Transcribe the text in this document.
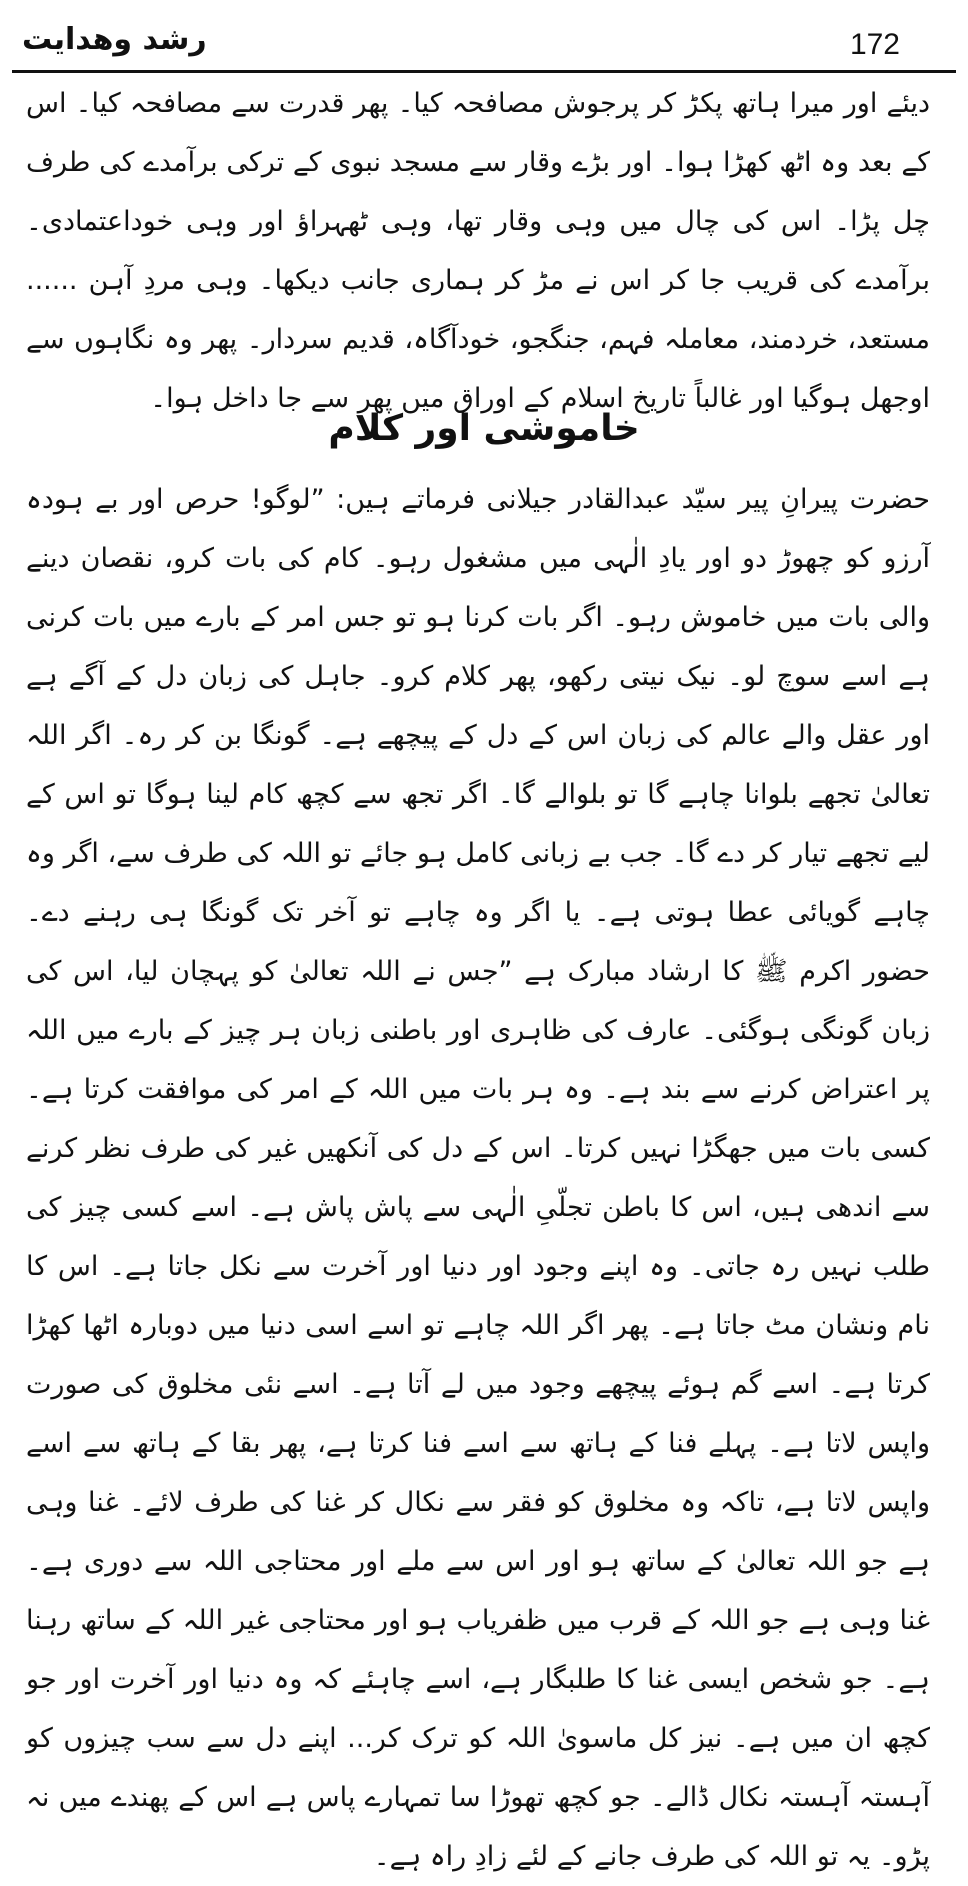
رشد وھدایت	172

دیئے اور میرا ہاتھ پکڑ کر پرجوش مصافحہ کیا۔ پھر قدرت سے مصافحہ کیا۔ اس کے بعد وہ اٹھ کھڑا ہوا۔ اور بڑے وقار سے مسجد نبوی کے ترکی برآمدے کی طرف چل پڑا۔ اس کی چال میں وہی وقار تھا، وہی ٹھہراؤ اور وہی خوداعتمادی۔ برآمدے کی قریب جا کر اس نے مڑ کر ہماری جانب دیکھا۔ وہی مردِ آہن ...... مستعد، خردمند، معاملہ فہم، جنگجو، خودآگاہ، قدیم سردار۔ پھر وہ نگاہوں سے اوجھل ہوگیا اور غالباً تاریخ اسلام کے اوراق میں پھر سے جا داخل ہوا۔

خاموشی اور کلام

حضرت پیرانِ پیر سیّد عبدالقادر جیلانی فرماتے ہیں: ”لوگو! حرص اور بے ہودہ آرزو کو چھوڑ دو اور یادِ الٰہی میں مشغول رہو۔ کام کی بات کرو، نقصان دینے والی بات میں خاموش رہو۔ اگر بات کرنا ہو تو جس امر کے بارے میں بات کرنی ہے اسے سوچ لو۔ نیک نیتی رکھو، پھر کلام کرو۔ جاہل کی زبان دل کے آگے ہے اور عقل والے عالم کی زبان اس کے دل کے پیچھے ہے۔ گونگا بن کر رہ۔ اگر اللہ تعالیٰ تجھے بلوانا چاہے گا تو بلوالے گا۔ اگر تجھ سے کچھ کام لینا ہوگا تو اس کے لیے تجھے تیار کر دے گا۔ جب بے زبانی کامل ہو جائے تو اللہ کی طرف سے، اگر وہ چاہے گویائی عطا ہوتی ہے۔ یا اگر وہ چاہے تو آخر تک گونگا ہی رہنے دے۔ حضور اکرم ﷺ کا ارشاد مبارک ہے ”جس نے اللہ تعالیٰ کو پہچان لیا، اس کی زبان گونگی ہوگئی۔ عارف کی ظاہری اور باطنی زبان ہر چیز کے بارے میں اللہ پر اعتراض کرنے سے بند ہے۔ وہ ہر بات میں اللہ کے امر کی موافقت کرتا ہے۔ کسی بات میں جھگڑا نہیں کرتا۔ اس کے دل کی آنکھیں غیر کی طرف نظر کرنے سے اندھی ہیں، اس کا باطن تجلّیِ الٰہی سے پاش پاش ہے۔ اسے کسی چیز کی طلب نہیں رہ جاتی۔ وہ اپنے وجود اور دنیا اور آخرت سے نکل جاتا ہے۔ اس کا نام ونشان مٹ جاتا ہے۔ پھر اگر اللہ چاہے تو اسے اسی دنیا میں دوبارہ اٹھا کھڑا کرتا ہے۔ اسے گم ہوئے پیچھے وجود میں لے آتا ہے۔ اسے نئی مخلوق کی صورت واپس لاتا ہے۔ پہلے فنا کے ہاتھ سے اسے فنا کرتا ہے، پھر بقا کے ہاتھ سے اسے واپس لاتا ہے، تاکہ وہ مخلوق کو فقر سے نکال کر غنا کی طرف لائے۔ غنا وہی ہے جو اللہ تعالیٰ کے ساتھ ہو اور اس سے ملے اور محتاجی اللہ سے دوری ہے۔ غنا وہی ہے جو اللہ کے قرب میں ظفریاب ہو اور محتاجی غیر اللہ کے ساتھ رہنا ہے۔ جو شخص ایسی غنا کا طلبگار ہے، اسے چاہئے کہ وہ دنیا اور آخرت اور جو کچھ ان میں ہے۔ نیز کل ماسویٰ اللہ کو ترک کر... اپنے دل سے سب چیزوں کو آہستہ آہستہ نکال ڈالے۔ جو کچھ تھوڑا سا تمہارے پاس ہے اس کے پھندے میں نہ پڑو۔ یہ تو اللہ کی طرف جانے کے لئے زادِ راہ ہے۔
